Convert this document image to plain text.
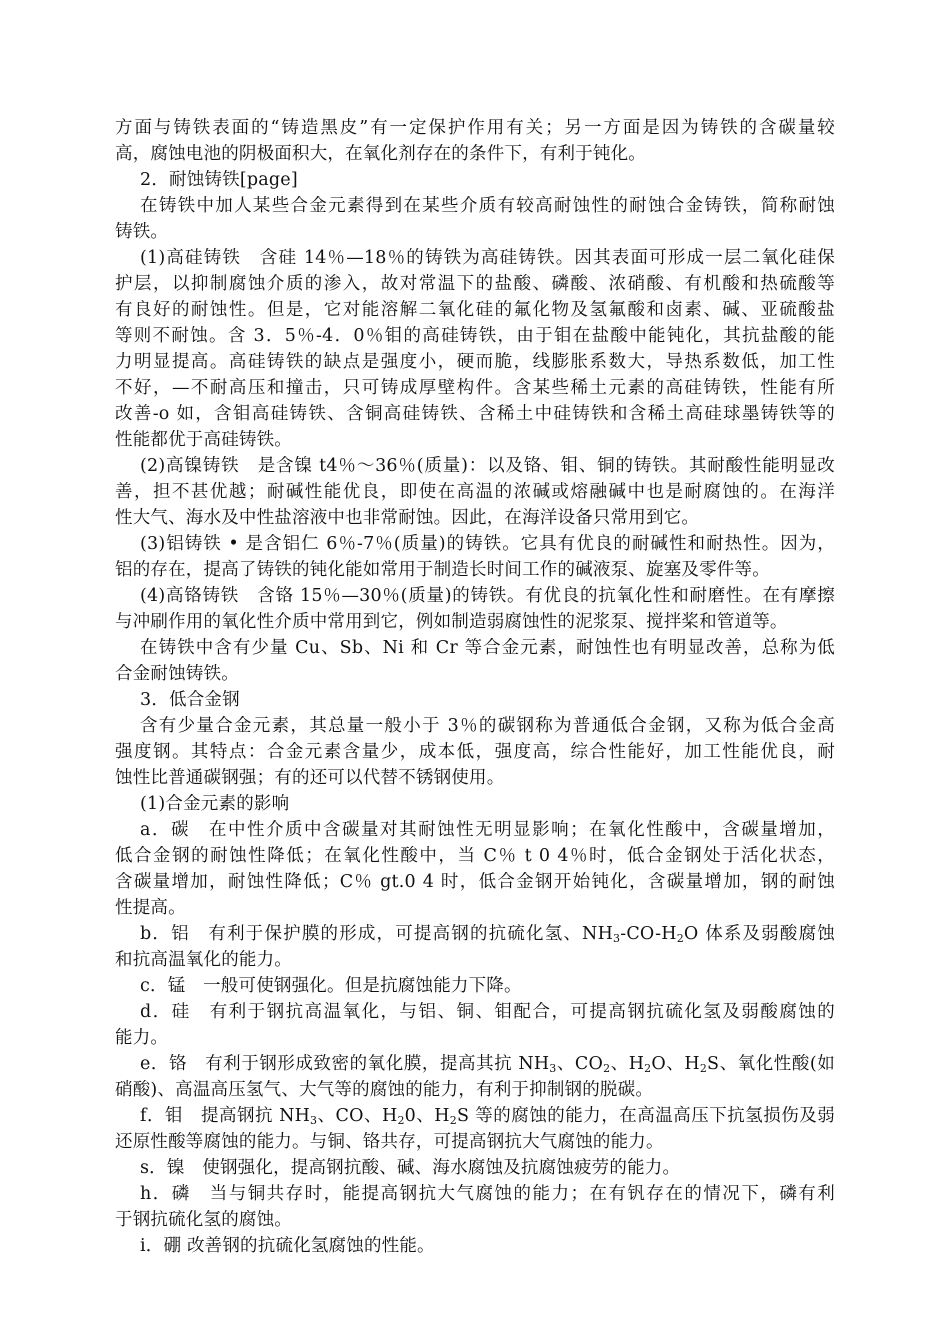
方面与铸铁表面的“铸造黑皮”有一定保护作用有关；另一方面是因为铸铁的含碳量较
高，腐蚀电池的阴极面积大，在氧化剂存在的条件下，有利于钝化。
2．耐蚀铸铁[page]
在铸铁中加人某些合金元素得到在某些介质有较高耐蚀性的耐蚀合金铸铁，简称耐蚀
铸铁。
(1)高硅铸铁　含硅 14％—18％的铸铁为高硅铸铁。因其表面可形成一层二氧化硅保
护层，以抑制腐蚀介质的渗入，故对常温下的盐酸、磷酸、浓硝酸、有机酸和热硫酸等
有良好的耐蚀性。但是，它对能溶解二氧化硅的氟化物及氢氟酸和卤素、碱、亚硫酸盐
等则不耐蚀。含 3．5％-4．0％钼的高硅铸铁，由于钼在盐酸中能钝化，其抗盐酸的能
力明显提高。高硅铸铁的缺点是强度小，硬而脆，线膨胀系数大，导热系数低，加工性
不好，—不耐高压和撞击，只可铸成厚壁构件。含某些稀土元素的高硅铸铁，性能有所
改善-o 如，含钼高硅铸铁、含铜高硅铸铁、含稀土中硅铸铁和含稀土高硅球墨铸铁等的
性能都优于高硅铸铁。
(2)高镍铸铁　是含镍 t4％～36％(质量)：以及铬、钼、铜的铸铁。其耐酸性能明显改
善，担不甚优越；耐碱性能优良，即使在高温的浓碱或熔融碱中也是耐腐蚀的。在海洋
性大气、海水及中性盐溶液中也非常耐蚀。因此，在海洋设备只常用到它。
(3)铝铸铁 • 是含铝仁 6％-7％(质量)的铸铁。它具有优良的耐碱性和耐热性。因为，
铝的存在，提高了铸铁的钝化能如常用于制造长时间工作的碱液泵、旋塞及零件等。
(4)高铬铸铁　含铬 15％—30％(质量)的铸铁。有优良的抗氧化性和耐磨性。在有摩擦
与冲刷作用的氧化性介质中常用到它，例如制造弱腐蚀性的泥浆泵、搅拌桨和管道等。
在铸铁中含有少量 Cu、Sb、Ni 和 Cr 等合金元素，耐蚀性也有明显改善，总称为低
合金耐蚀铸铁。
3．低合金钢
含有少量合金元素，其总量一般小于 3％的碳钢称为普通低合金钢，又称为低合金高
强度钢。其特点：合金元素含量少，成本低，强度高，综合性能好，加工性能优良，耐
蚀性比普通碳钢强；有的还可以代替不锈钢使用。
(1)合金元素的影响
a．碳　在中性介质中含碳量对其耐蚀性无明显影响；在氧化性酸中，含碳量增加，
低合金钢的耐蚀性降低；在氧化性酸中，当 C％ t 0 4％时，低合金钢处于活化状态，
含碳量增加，耐蚀性降低；C％ gt.0 4 时，低合金钢开始钝化，含碳量增加，钢的耐蚀
性提高。
b．铝　有利于保护膜的形成，可提高钢的抗硫化氢、$NH_3-CO-H_2O$ 体系及弱酸腐蚀
和抗高温氧化的能力。
c．锰　一般可使钢强化。但是抗腐蚀能力下降。
d．硅　有利于钢抗高温氧化，与铝、铜、钼配合，可提高钢抗硫化氢及弱酸腐蚀的
能力。
e．铬　有利于钢形成致密的氧化膜，提高其抗 $NH_3$、$CO_2$、$H_2O$、$H_2S$、氧化性酸(如
硝酸)、高温高压氢气、大气等的腐蚀的能力，有利于抑制钢的脱碳。
f．钼　提高钢抗 $NH_3$、CO、$H_20$、$H_2S$ 等的腐蚀的能力，在高温高压下抗氢损伤及弱
还原性酸等腐蚀的能力。与铜、铬共存，可提高钢抗大气腐蚀的能力。
s．镍　使钢强化，提高钢抗酸、碱、海水腐蚀及抗腐蚀疲劳的能力。
h．磷　当与铜共存时，能提高钢抗大气腐蚀的能力；在有钒存在的情况下，磷有利
于钢抗硫化氢的腐蚀。
i．硼 改善钢的抗硫化氢腐蚀的性能。
